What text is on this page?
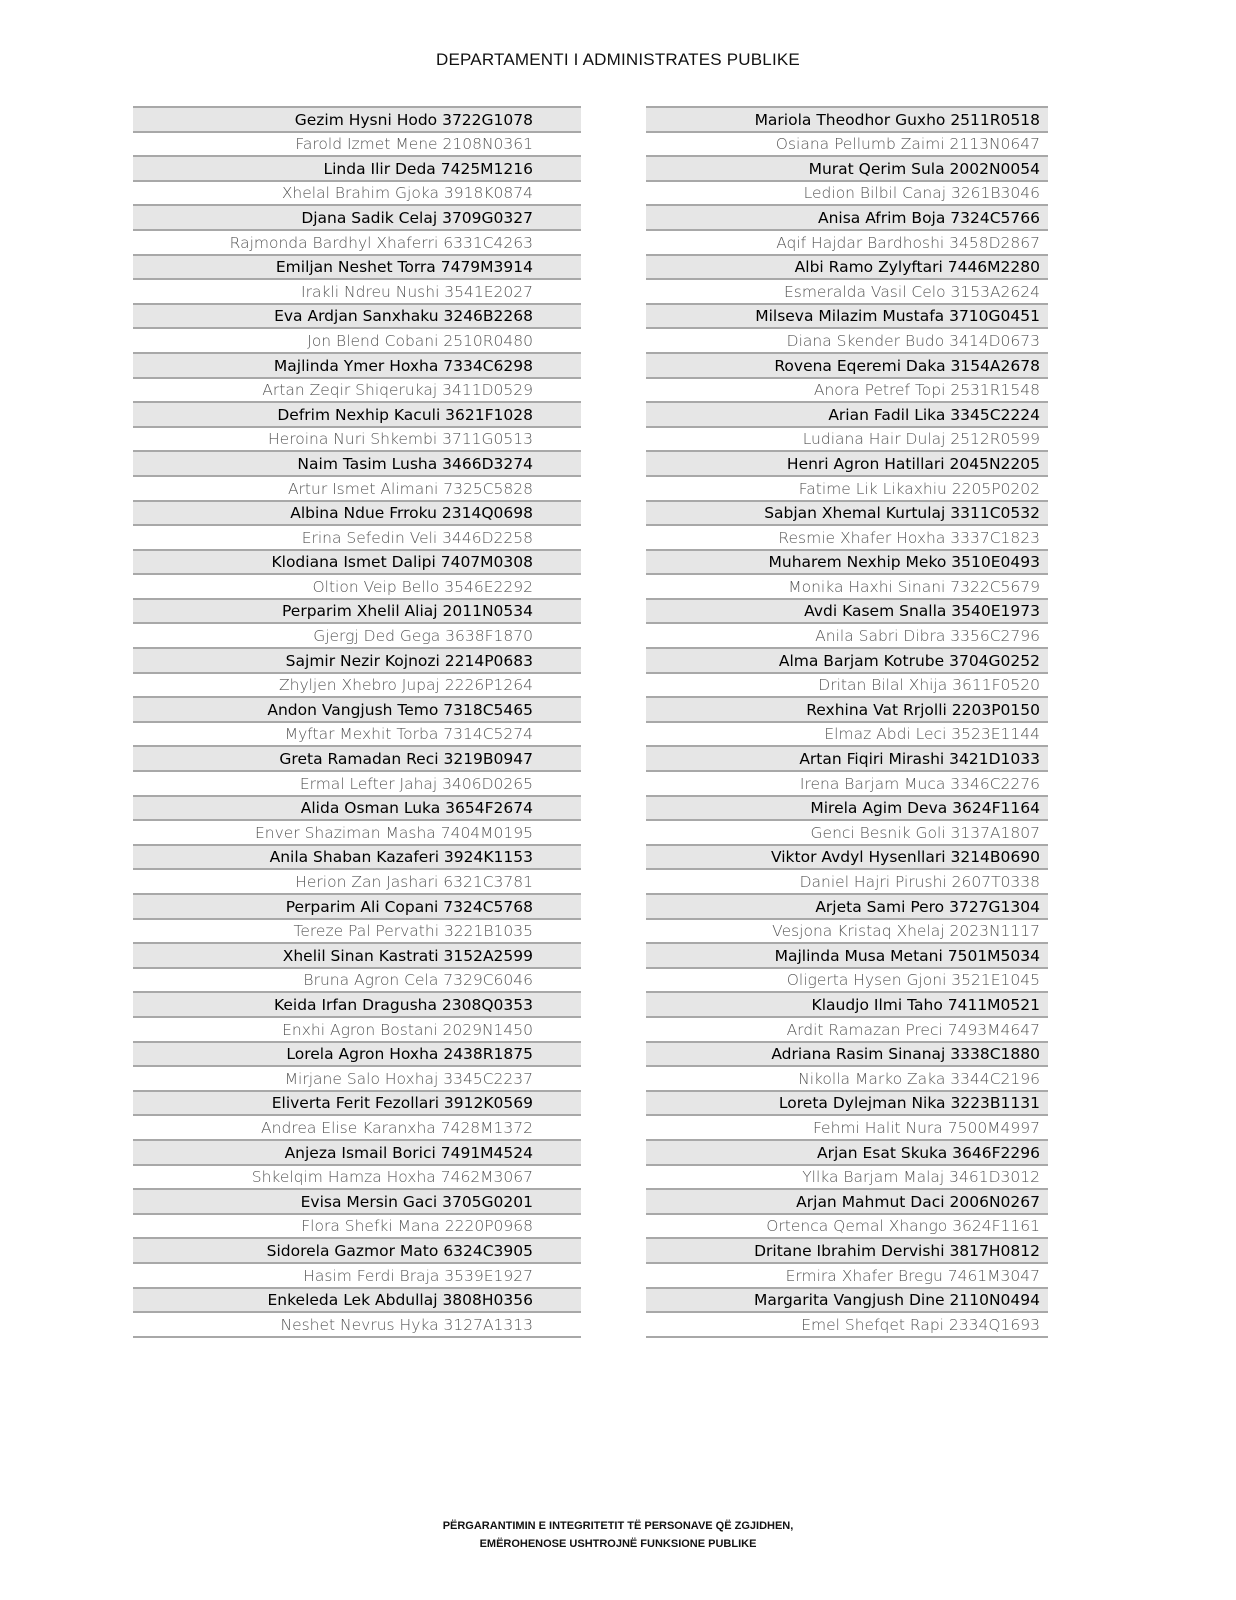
DEPARTAMENTI I ADMINISTRATES PUBLIKE
Gezim Hysni Hodo 3722G1078
Farold Izmet Mene 2108N0361
Linda Ilir Deda 7425M1216
Xhelal Brahim Gjoka 3918K0874
Djana Sadik Celaj 3709G0327
Rajmonda Bardhyl Xhaferri 6331C4263
Emiljan Neshet Torra 7479M3914
Irakli Ndreu Nushi 3541E2027
Eva Ardjan Sanxhaku 3246B2268
Jon Blend Cobani 2510R0480
Majlinda Ymer Hoxha 7334C6298
Artan Zeqir Shiqerukaj 3411D0529
Defrim Nexhip Kaculi 3621F1028
Heroina Nuri Shkembi 3711G0513
Naim Tasim Lusha 3466D3274
Artur Ismet Alimani 7325C5828
Albina Ndue Frroku 2314Q0698
Erina Sefedin Veli 3446D2258
Klodiana Ismet Dalipi 7407M0308
Oltion Veip Bello 3546E2292
Perparim Xhelil Aliaj 2011N0534
Gjergj Ded Gega 3638F1870
Sajmir Nezir Kojnozi 2214P0683
Zhyljen Xhebro Jupaj 2226P1264
Andon Vangjush Temo 7318C5465
Myftar Mexhit Torba 7314C5274
Greta Ramadan Reci 3219B0947
Ermal Lefter Jahaj 3406D0265
Alida Osman Luka 3654F2674
Enver Shaziman Masha 7404M0195
Anila Shaban Kazaferi 3924K1153
Herion Zan Jashari 6321C3781
Perparim Ali Copani 7324C5768
Tereze Pal Pervathi 3221B1035
Xhelil Sinan Kastrati 3152A2599
Bruna Agron Cela 7329C6046
Keida Irfan Dragusha 2308Q0353
Enxhi Agron Bostani 2029N1450
Lorela Agron Hoxha 2438R1875
Mirjane Salo Hoxhaj 3345C2237
Eliverta Ferit Fezollari 3912K0569
Andrea Elise Karanxha 7428M1372
Anjeza Ismail Borici 7491M4524
Shkelqim Hamza Hoxha 7462M3067
Evisa Mersin Gaci 3705G0201
Flora Shefki Mana 2220P0968
Sidorela Gazmor Mato 6324C3905
Hasim Ferdi Braja 3539E1927
Enkeleda Lek Abdullaj 3808H0356
Neshet Nevrus Hyka 3127A1313
Mariola Theodhor Guxho 2511R0518
Osiana Pellumb Zaimi 2113N0647
Murat Qerim Sula 2002N0054
Ledion Bilbil Canaj 3261B3046
Anisa Afrim Boja 7324C5766
Aqif Hajdar Bardhoshi 3458D2867
Albi Ramo Zylyftari 7446M2280
Esmeralda Vasil Celo 3153A2624
Milseva Milazim Mustafa 3710G0451
Diana Skender Budo 3414D0673
Rovena Eqeremi Daka 3154A2678
Anora Petref Topi 2531R1548
Arian Fadil Lika 3345C2224
Ludiana Hair Dulaj 2512R0599
Henri Agron Hatillari 2045N2205
Fatime Lik Likaxhiu 2205P0202
Sabjan Xhemal Kurtulaj 3311C0532
Resmie Xhafer Hoxha 3337C1823
Muharem Nexhip Meko 3510E0493
Monika Haxhi Sinani 7322C5679
Avdi Kasem Snalla 3540E1973
Anila Sabri Dibra 3356C2796
Alma Barjam Kotrube 3704G0252
Dritan Bilal Xhija 3611F0520
Rexhina Vat Rrjolli 2203P0150
Elmaz Abdi Leci 3523E1144
Artan Fiqiri Mirashi 3421D1033
Irena Barjam Muca 3346C2276
Mirela Agim Deva 3624F1164
Genci Besnik Goli 3137A1807
Viktor Avdyl Hysenllari 3214B0690
Daniel Hajri Pirushi 2607T0338
Arjeta Sami Pero 3727G1304
Vesjona Kristaq Xhelaj 2023N1117
Majlinda Musa Metani 7501M5034
Oligerta Hysen Gjoni 3521E1045
Klaudjo Ilmi Taho 7411M0521
Ardit Ramazan Preci 7493M4647
Adriana Rasim Sinanaj 3338C1880
Nikolla Marko Zaka 3344C2196
Loreta Dylejman Nika 3223B1131
Fehmi Halit Nura 7500M4997
Arjan Esat Skuka 3646F2296
Yllka Barjam Malaj 3461D3012
Arjan Mahmut Daci 2006N0267
Ortenca Qemal Xhango 3624F1161
Dritane Ibrahim Dervishi 3817H0812
Ermira Xhafer Bregu 7461M3047
Margarita Vangjush Dine 2110N0494
Emel Shefqet Rapi 2334Q1693
PËRGARANTIMIN E INTEGRITETIT TË PERSONAVE QË ZGJIDHEN,
EMËROHENOSE USHTROJNË FUNKSIONE PUBLIKE
